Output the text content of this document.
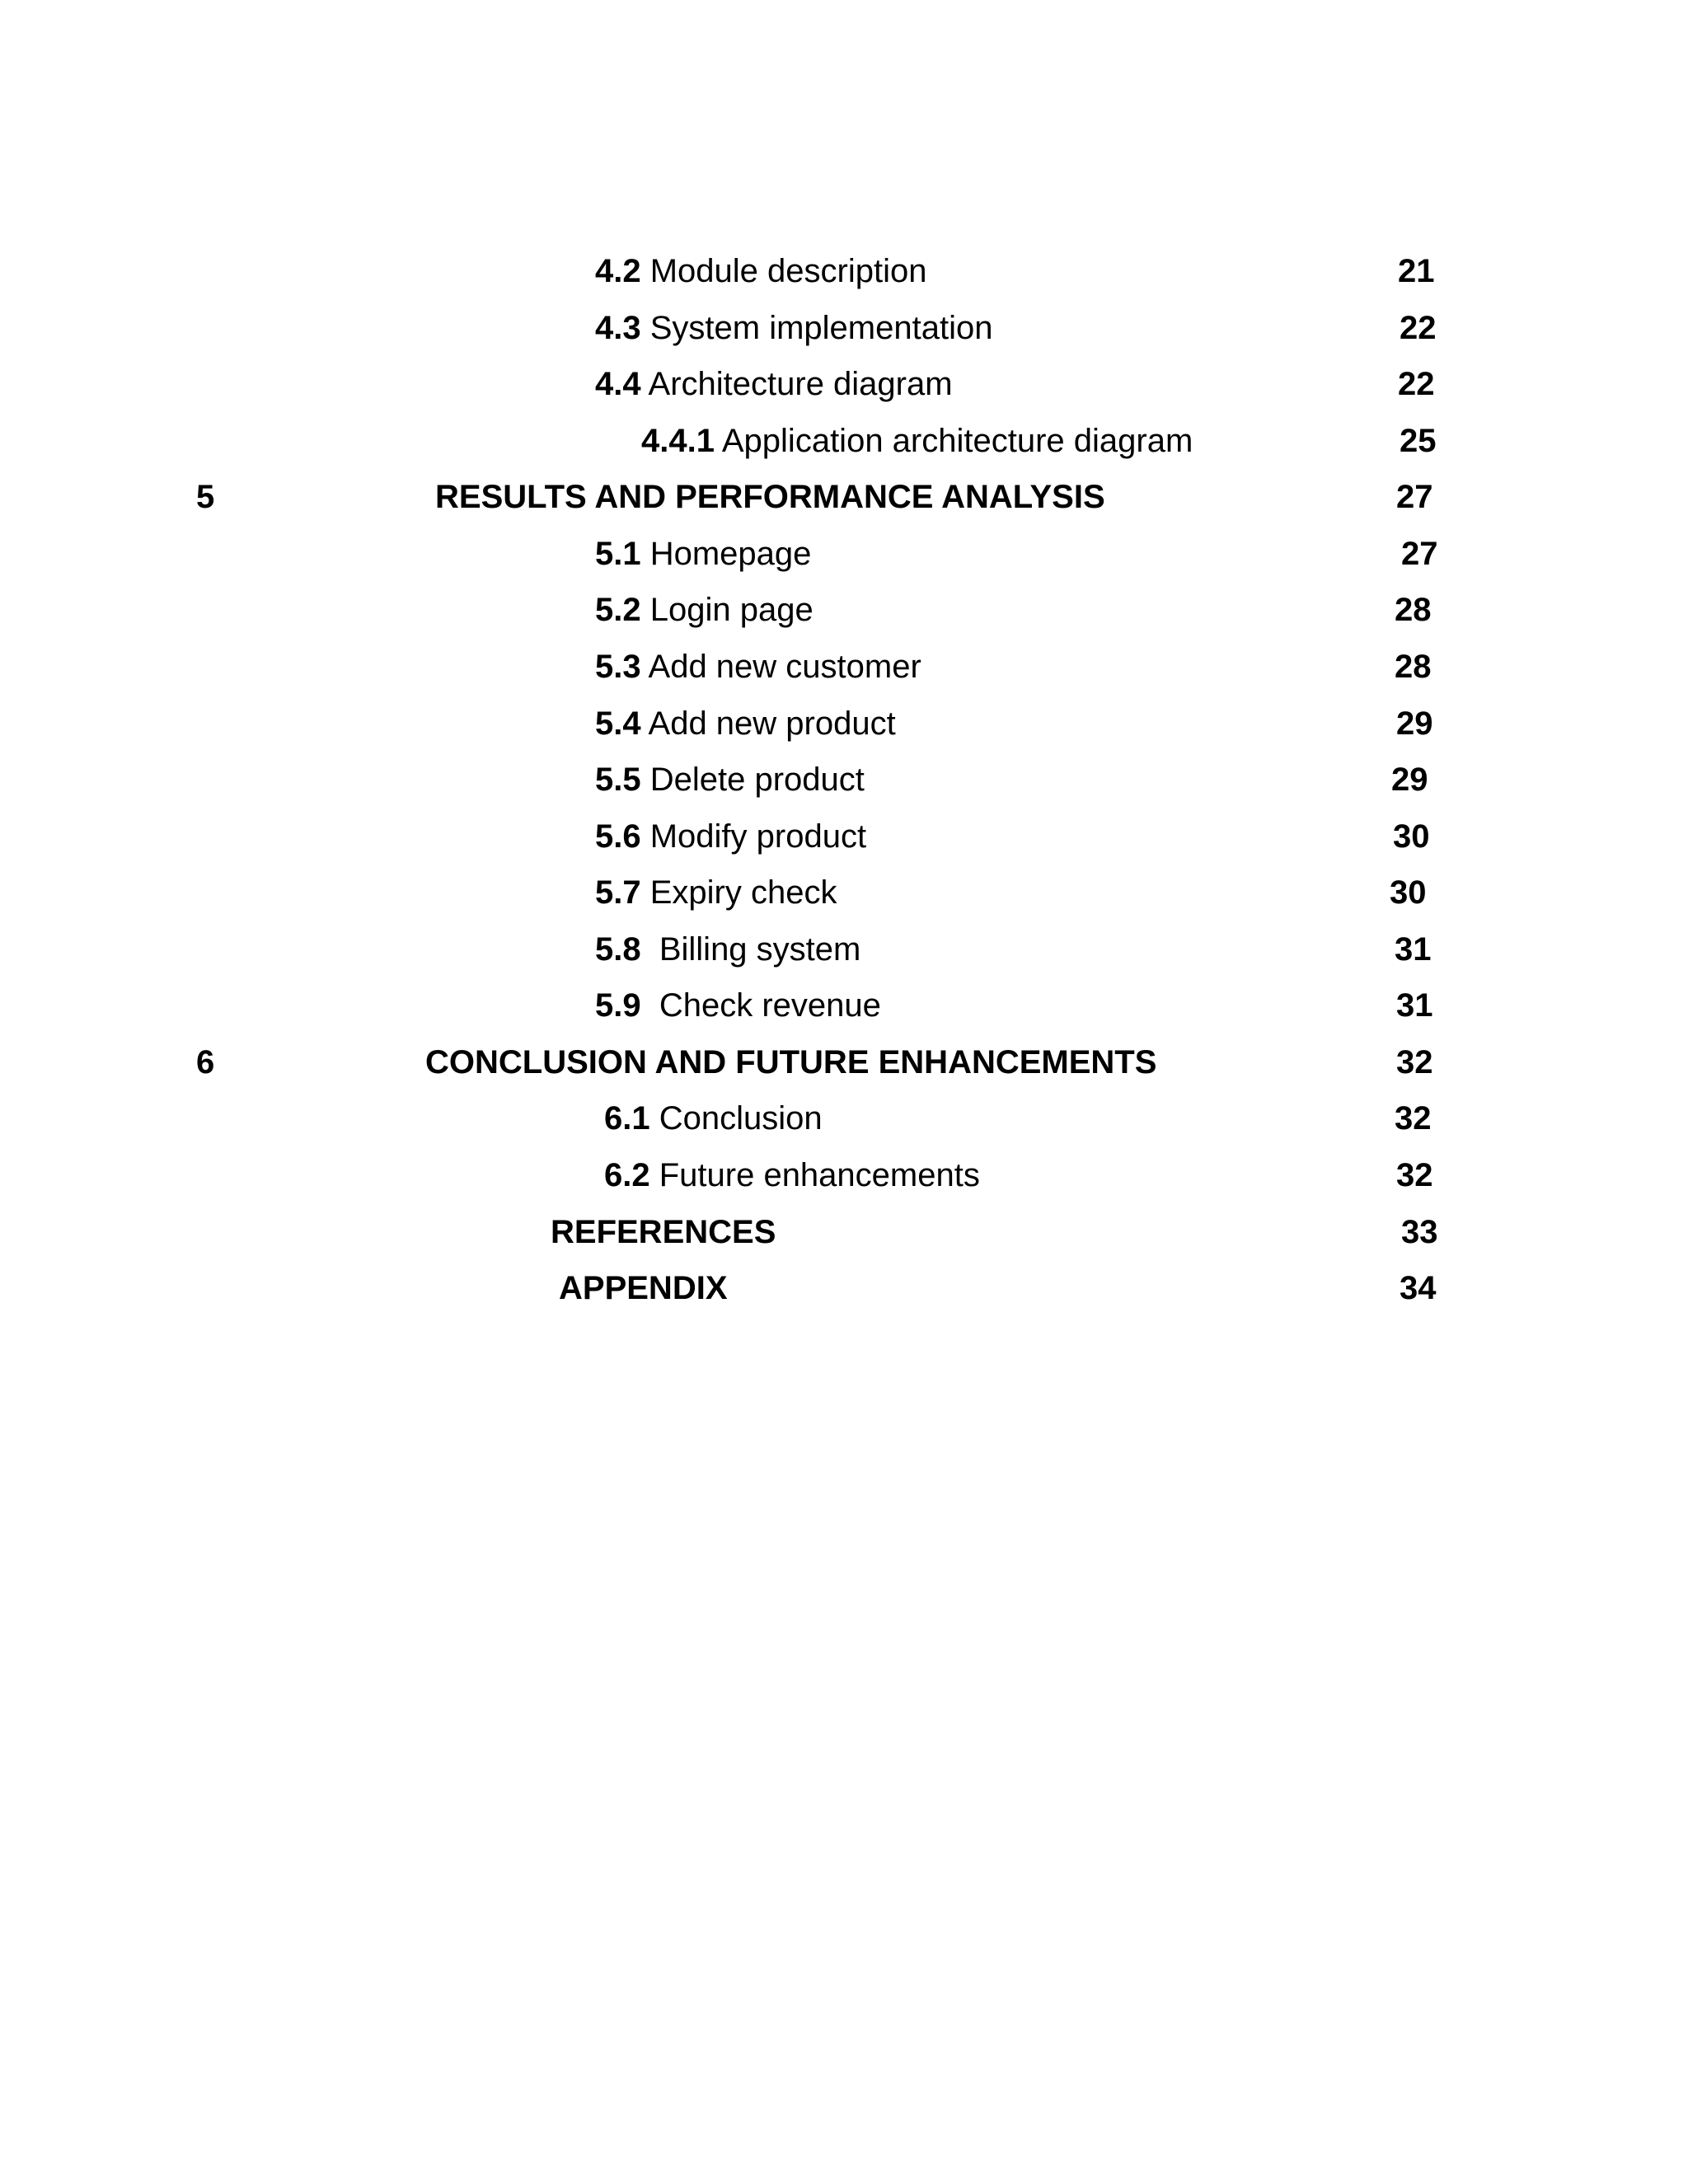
4.2 Module description	21
4.3 System implementation	22
4.4 Architecture diagram	22
4.4.1 Application architecture diagram	25
5	RESULTS AND PERFORMANCE ANALYSIS	27
5.1 Homepage	27
5.2 Login page	28
5.3 Add new customer	28
5.4 Add new product	29
5.5 Delete product	29
5.6 Modify product	30
5.7 Expiry check	30
5.8  Billing system	31
5.9  Check revenue	31
6	CONCLUSION AND FUTURE ENHANCEMENTS	32
6.1 Conclusion	32
6.2 Future enhancements	32
REFERENCES	33
APPENDIX	34
